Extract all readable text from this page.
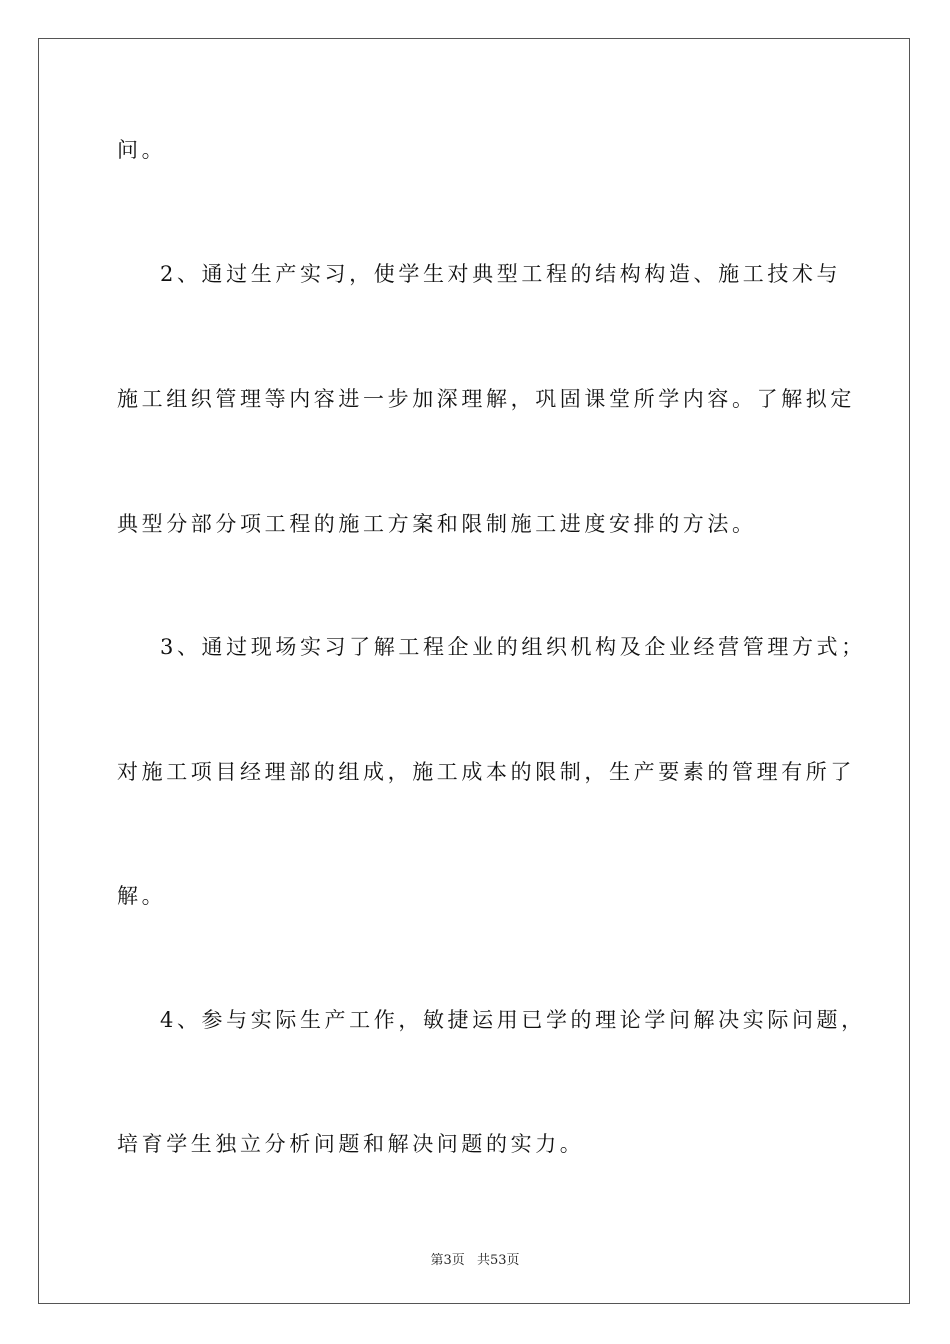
问。
2、通过生产实习，使学生对典型工程的结构构造、施工技术与
施工组织管理等内容进一步加深理解，巩固课堂所学内容。了解拟定
典型分部分项工程的施工方案和限制施工进度安排的方法。
3、通过现场实习了解工程企业的组织机构及企业经营管理方式；
对施工项目经理部的组成，施工成本的限制，生产要素的管理有所了
解。
4、参与实际生产工作，敏捷运用已学的理论学问解决实际问题，
培育学生独立分析问题和解决问题的实力。
第3页 共53页
